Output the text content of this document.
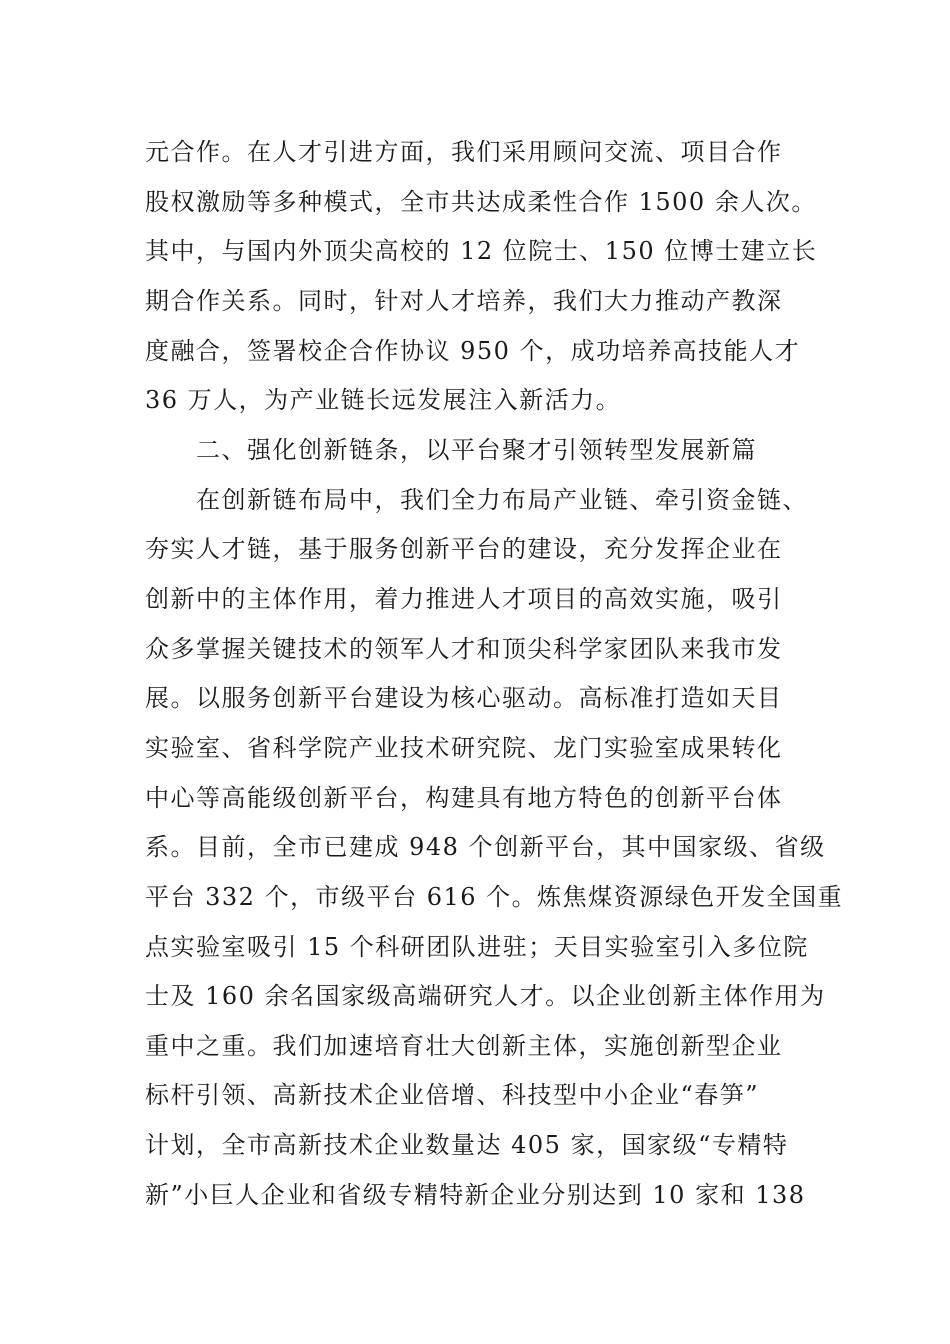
元合作。在人才引进方面，我们采用顾问交流、项目合作
股权激励等多种模式，全市共达成柔性合作 1500 余人次。
其中，与国内外顶尖高校的 12 位院士、150 位博士建立长
期合作关系。同时，针对人才培养，我们大力推动产教深
度融合，签署校企合作协议 950 个，成功培养高技能人才
36 万人，为产业链长远发展注入新活力。
二、强化创新链条，以平台聚才引领转型发展新篇
在创新链布局中，我们全力布局产业链、牵引资金链、
夯实人才链，基于服务创新平台的建设，充分发挥企业在
创新中的主体作用，着力推进人才项目的高效实施，吸引
众多掌握关键技术的领军人才和顶尖科学家团队来我市发
展。以服务创新平台建设为核心驱动。高标准打造如天目
实验室、省科学院产业技术研究院、龙门实验室成果转化
中心等高能级创新平台，构建具有地方特色的创新平台体
系。目前，全市已建成 948 个创新平台，其中国家级、省级
平台 332 个，市级平台 616 个。炼焦煤资源绿色开发全国重
点实验室吸引 15 个科研团队进驻；天目实验室引入多位院
士及 160 余名国家级高端研究人才。以企业创新主体作用为
重中之重。我们加速培育壮大创新主体，实施创新型企业
标杆引领、高新技术企业倍增、科技型中小企业“春笋”
计划，全市高新技术企业数量达 405 家，国家级“专精特
新”小巨人企业和省级专精特新企业分别达到 10 家和 138
